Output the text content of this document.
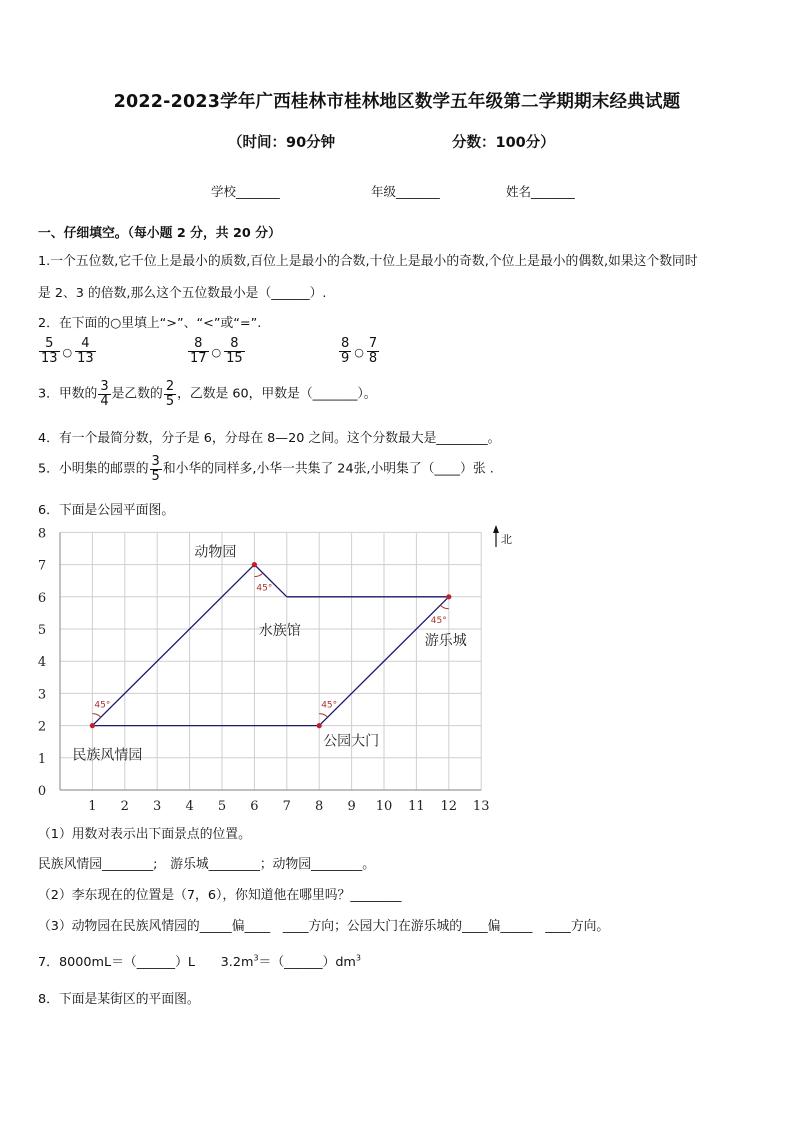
2022-2023学年广西桂林市桂林地区数学五年级第二学期期末经典试题
（时间：90分钟	分数：100分）
学校_______	年级_______	姓名_______
一、仔细填空。（每小题 2 分，共 20 分）
1.一个五位数,它千位上是最小的质数,百位上是最小的合数,十位上是最小的奇数,个位上是最小的偶数,如果这个数同时
是 2、3 的倍数,那么这个五位数最小是（______）.
2．在下面的○里填上“>”、“<”或“=”.
$\frac{5}{13}$ ○ $\frac{4}{13}$	$\frac{8}{17}$ ○ $\frac{8}{15}$	$\frac{8}{9}$ ○ $\frac{7}{8}$
3．甲数的 $\frac{3}{4}$ 是乙数的 $\frac{2}{5}$ ，乙数是 60，甲数是（_______）。
4．有一个最简分数，分子是 6，分母在 8—20 之间。这个分数最大是________。
5．小明集的邮票的 $\frac{3}{5}$ 和小华的同样多,小华一共集了 24张,小明集了（____）张 .
6．下面是公园平面图。
1 2 3 4 5 6 7 8 9 10 11 12 13
0
1
2
3
4
5
6
7
8
45°
45°
45°
45°
民族风情园
动物园
水族馆
游乐城
公园大门
北
（1）用数对表示出下面景点的位置。
民族风情园________;　游乐城________；动物园________。
（2）李东现在的位置是（7，6），你知道他在哪里吗？________
（3）动物园在民族风情园的_____偏____　____方向；公园大门在游乐城的____偏_____　____方向。
7．8000mL＝（______）L　　$3.2m^3=(\_\_\_\_\_\_)dm^3$
8．下面是某街区的平面图。
